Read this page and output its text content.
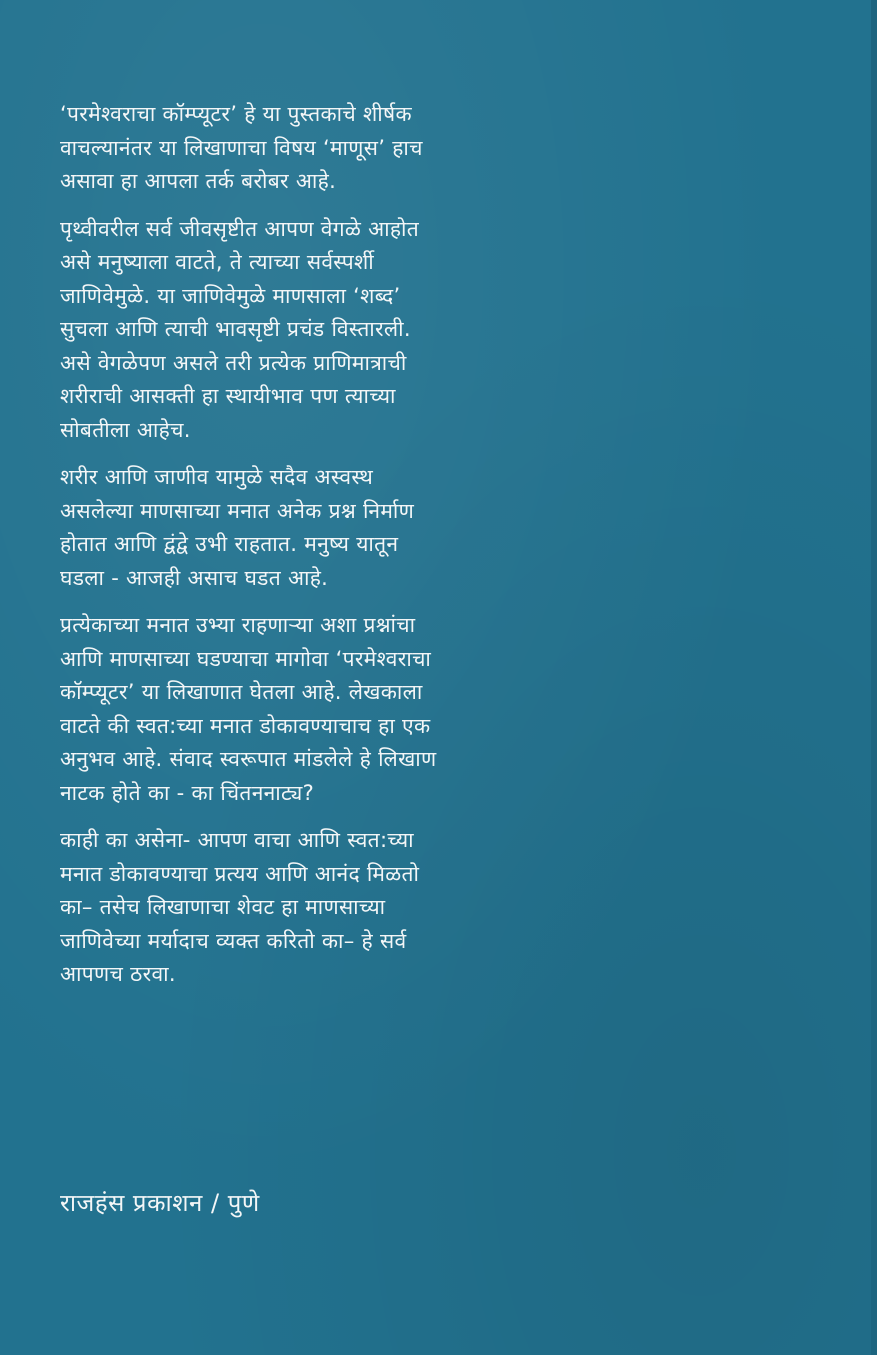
‘परमेश्वराचा कॉम्प्यूटर’ हे या पुस्तकाचे शीर्षक
वाचल्यानंतर या लिखाणाचा विषय ‘माणूस’ हाच
असावा हा आपला तर्क बरोबर आहे.

पृथ्वीवरील सर्व जीवसृष्टीत आपण वेगळे आहोत
असे मनुष्याला वाटते, ते त्याच्या सर्वस्पर्शी
जाणिवेमुळे. या जाणिवेमुळे माणसाला ‘शब्द’
सुचला आणि त्याची भावसृष्टी प्रचंड विस्तारली.
असे वेगळेपण असले तरी प्रत्येक प्राणिमात्राची
शरीराची आसक्ती हा स्थायीभाव पण त्याच्या
सोबतीला आहेच.

शरीर आणि जाणीव यामुळे सदैव अस्वस्थ
असलेल्या माणसाच्या मनात अनेक प्रश्न निर्माण
होतात आणि द्वंद्वे उभी राहतात. मनुष्य यातून
घडला - आजही असाच घडत आहे.

प्रत्येकाच्या मनात उभ्या राहणाऱ्या अशा प्रश्नांचा
आणि माणसाच्या घडण्याचा मागोवा ‘परमेश्वराचा
कॉम्प्यूटर’ या लिखाणात घेतला आहे. लेखकाला
वाटते की स्वत:च्या मनात डोकावण्याचाच हा एक
अनुभव आहे. संवाद स्वरूपात मांडलेले हे लिखाण
नाटक होते का - का चिंतननाट्य?

काही का असेना- आपण वाचा आणि स्वत:च्या
मनात डोकावण्याचा प्रत्यय आणि आनंद मिळतो
का– तसेच लिखाणाचा शेवट हा माणसाच्या
जाणिवेच्या मर्यादाच व्यक्त करितो का– हे सर्व
आपणच ठरवा.

राजहंस प्रकाशन / पुणे
